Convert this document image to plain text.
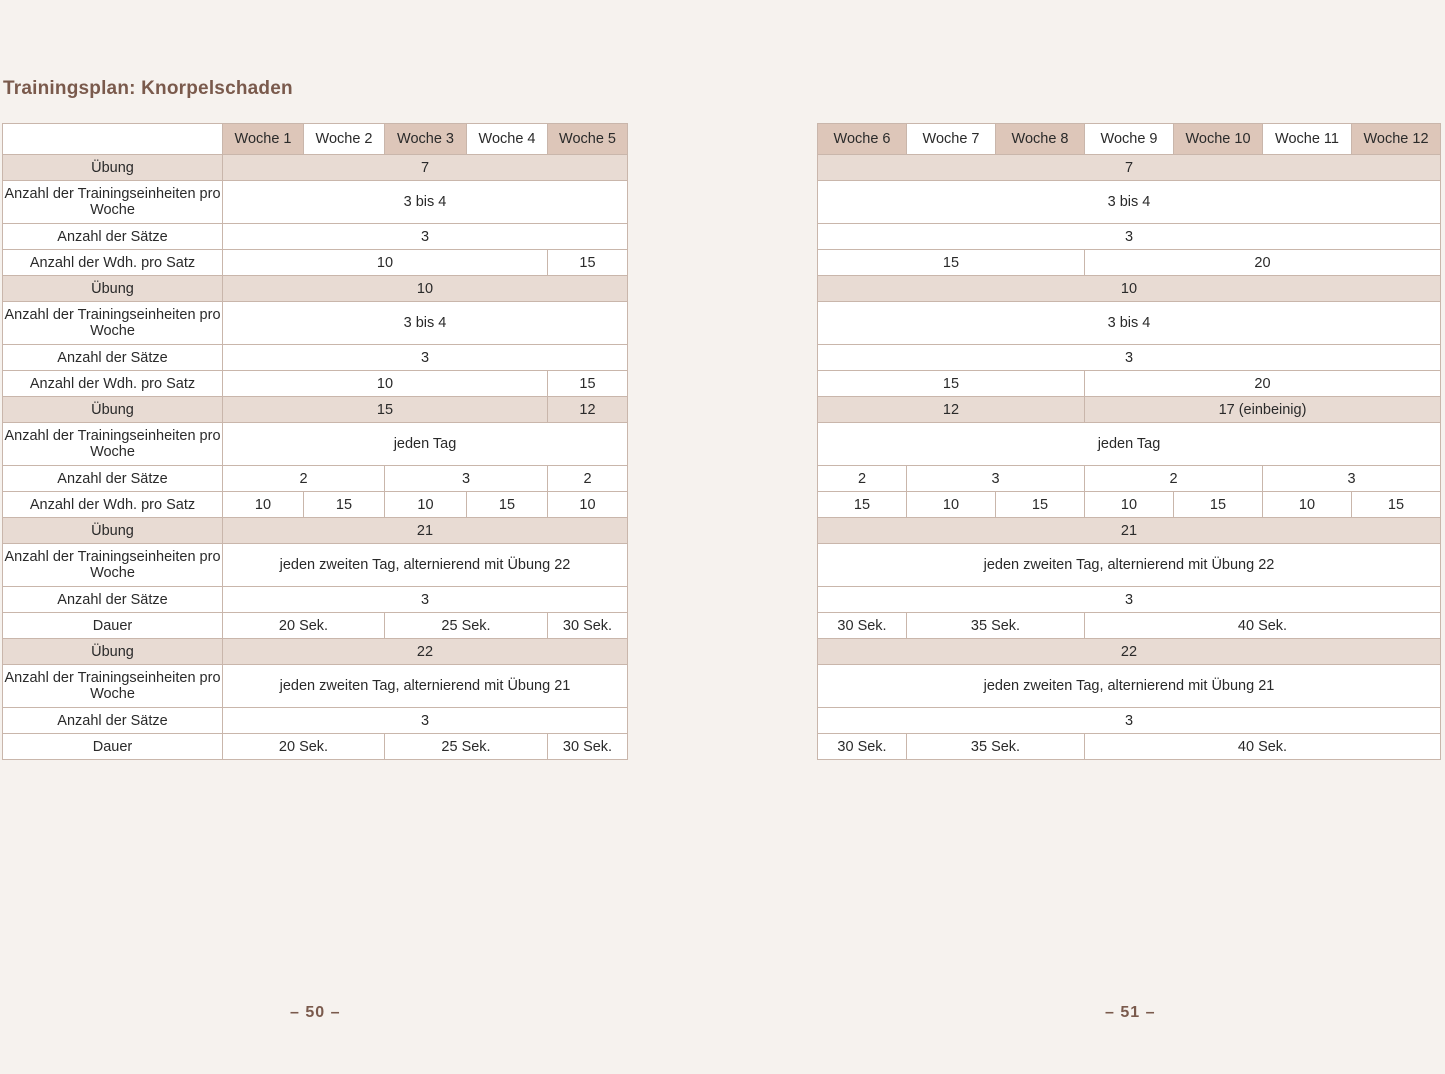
Trainingsplan: Knorpelschaden
	Woche 1	Woche 2	Woche 3	Woche 4	Woche 5
Übung	7				
Anzahl der Trainingseinheiten pro Woche	3 bis 4				
Anzahl der Sätze	3				
Anzahl der Wdh. pro Satz	10				15
Übung	10				
Anzahl der Trainingseinheiten pro Woche	3 bis 4				
Anzahl der Sätze	3				
Anzahl der Wdh. pro Satz	10				15
Übung	15				12
Anzahl der Trainingseinheiten pro Woche	jeden Tag				
Anzahl der Sätze	2		3		2
Anzahl der Wdh. pro Satz	10	15	10	15	10
Übung	21				
Anzahl der Trainingseinheiten pro Woche	jeden zweiten Tag, alternierend mit Übung 22				
Anzahl der Sätze	3				
Dauer	20 Sek.		25 Sek.		30 Sek.
Übung	22				
Anzahl der Trainingseinheiten pro Woche	jeden zweiten Tag, alternierend mit Übung 21				
Anzahl der Sätze	3				
Dauer	20 Sek.		25 Sek.		30 Sek.
Woche 6	Woche 7	Woche 8	Woche 9	Woche 10	Woche 11	Woche 12
7						
3 bis 4						
3						
15			20			
10						
3 bis 4						
3						
15			20			
12			17 (einbeinig)			
jeden Tag						
2	3		2		3	
15	10	15	10	15	10	15
21						
jeden zweiten Tag, alternierend mit Übung 22						
3						
30 Sek.	35 Sek.		40 Sek.			
22						
jeden zweiten Tag, alternierend mit Übung 21						
3						
30 Sek.	35 Sek.		40 Sek.			
– 50 –	– 51 –
